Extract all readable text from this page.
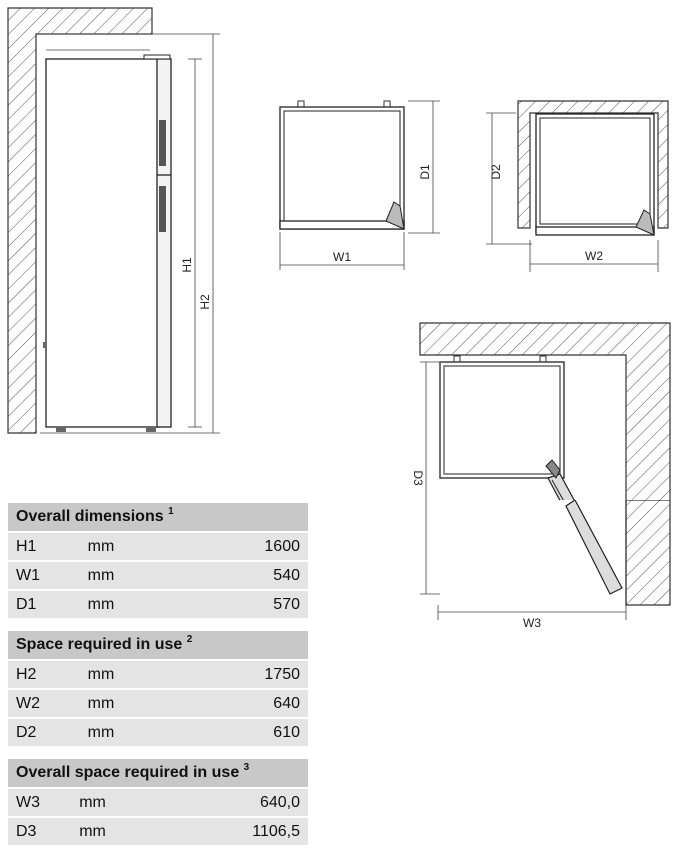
H1
H2
W1
D1
W2
D2
D3
W3
Overall dimensions $^1$
H1	mm	1600
W1	mm	540
D1	mm	570
Space required in use $^2$
H2	mm	1750
W2	mm	640
D2	mm	610
Overall space required in use $^3$
W3	mm	640,0
D3	mm	1106,5
